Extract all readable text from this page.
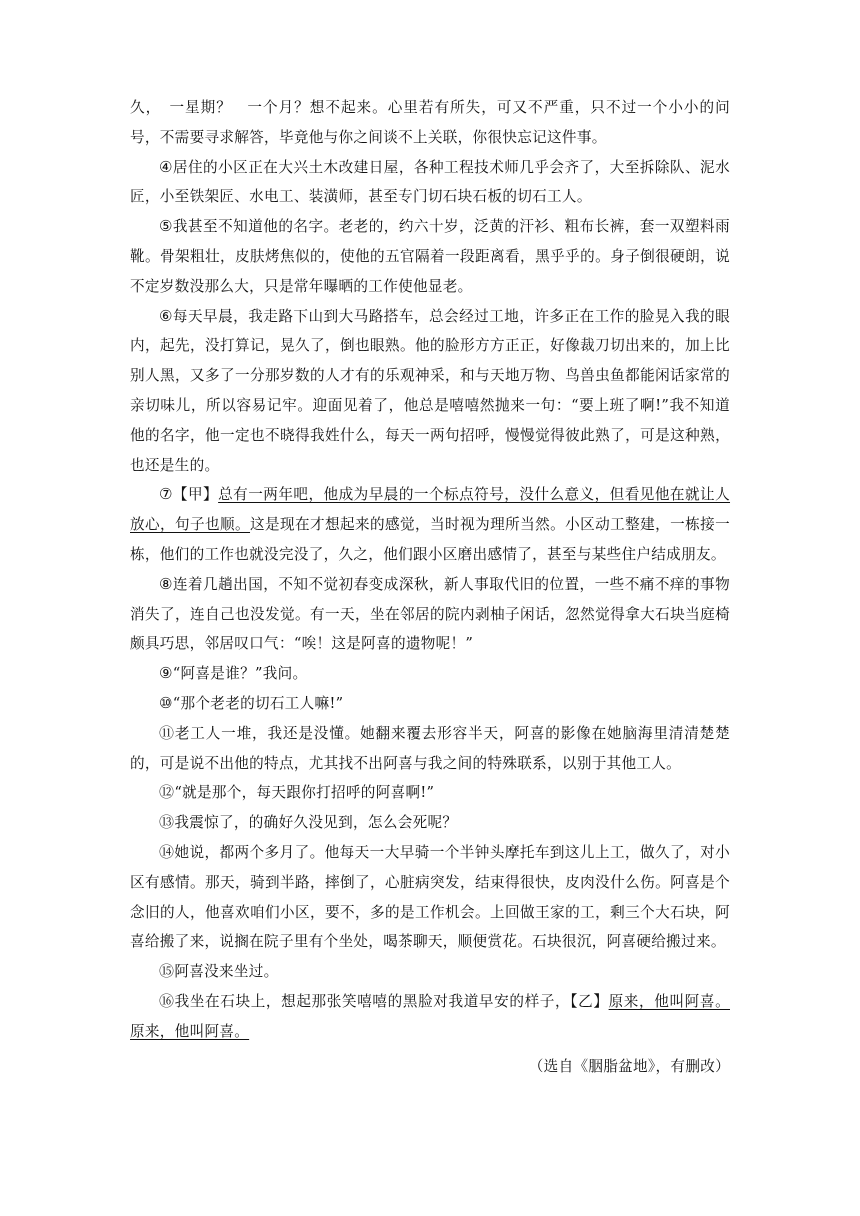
久，　一星期？　一个月？想不起来。心里若有所失，可又不严重，只不过一个小小的问号，不需要寻求解答，毕竟他与你之间谈不上关联，你很快忘记这件事。

④居住的小区正在大兴土木改建日屋，各种工程技术师几乎会齐了，大至拆除队、泥水匠，小至铁架匠、水电工、装潢师，甚至专门切石块石板的切石工人。

⑤我甚至不知道他的名字。老老的，约六十岁，泛黄的汗衫、粗布长裤，套一双塑料雨靴。骨架粗壮，皮肤烤焦似的，使他的五官隔着一段距离看，黑乎乎的。身子倒很硬朗，说不定岁数没那么大，只是常年曝晒的工作使他显老。

⑥每天早晨，我走路下山到大马路搭车，总会经过工地，许多正在工作的脸晃入我的眼内，起先，没打算记，晃久了，倒也眼熟。他的脸形方方正正，好像裁刀切出来的，加上比别人黑，又多了一分那岁数的人才有的乐观神采，和与天地万物、鸟兽虫鱼都能闲话家常的亲切味儿，所以容易记牢。迎面见着了，他总是嘻嘻然抛来一句：“要上班了啊!”我不知道他的名字，他一定也不晓得我姓什么，每天一两句招呼，慢慢觉得彼此熟了，可是这种熟，也还是生的。

⑦【甲】总有一两年吧，他成为早晨的一个标点符号，没什么意义，但看见他在就让人放心，句子也顺。这是现在才想起来的感觉，当时视为理所当然。小区动工整建，一栋接一栋，他们的工作也就没完没了，久之，他们跟小区磨出感情了，甚至与某些住户结成朋友。

⑧连着几趟出国，不知不觉初春变成深秋，新人事取代旧的位置，一些不痛不痒的事物消失了，连自己也没发觉。有一天，坐在邻居的院内剥柚子闲话，忽然觉得拿大石块当庭椅颇具巧思，邻居叹口气：“唉！这是阿喜的遗物呢！”

⑨“阿喜是谁？”我问。

⑩“那个老老的切石工人嘛!”

⑪老工人一堆，我还是没懂。她翻来覆去形容半天，阿喜的影像在她脑海里清清楚楚的，可是说不出他的特点，尤其找不出阿喜与我之间的特殊联系，以别于其他工人。

⑫“就是那个，每天跟你打招呼的阿喜啊!”

⑬我震惊了，的确好久没见到，怎么会死呢？

⑭她说，都两个多月了。他每天一大早骑一个半钟头摩托车到这儿上工，做久了，对小区有感情。那天，骑到半路，摔倒了，心脏病突发，结束得很快，皮肉没什么伤。阿喜是个念旧的人，他喜欢咱们小区，要不，多的是工作机会。上回做王家的工，剩三个大石块，阿喜给搬了来，说搁在院子里有个坐处，喝茶聊天，顺便赏花。石块很沉，阿喜硬给搬过来。

⑮阿喜没来坐过。

⑯我坐在石块上，想起那张笑嘻嘻的黑脸对我道早安的样子，【乙】原来，他叫阿喜。原来，他叫阿喜。

（选自《胭脂盆地》，有删改）
